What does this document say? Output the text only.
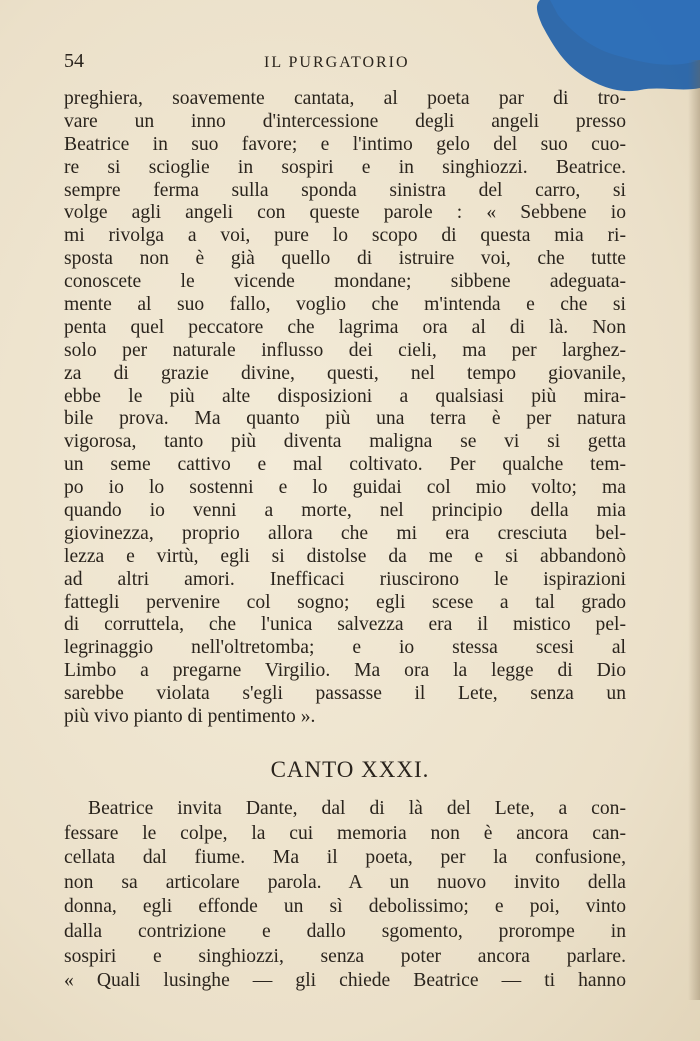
54	IL PURGATORIO
preghiera, soavemente cantata, al poeta par di tro-
vare un inno d'intercessione degli angeli presso
Beatrice in suo favore; e l'intimo gelo del suo cuo-
re si scioglie in sospiri e in singhiozzi. Beatrice.
sempre ferma sulla sponda sinistra del carro, si
volge agli angeli con queste parole : « Sebbene io
mi rivolga a voi, pure lo scopo di questa mia ri-
sposta non è già quello di istruire voi, che tutte
conoscete le vicende mondane; sibbene adeguata-
mente al suo fallo, voglio che m'intenda e che si
penta quel peccatore che lagrima ora al di là. Non
solo per naturale influsso dei cieli, ma per larghez-
za di grazie divine, questi, nel tempo giovanile,
ebbe le più alte disposizioni a qualsiasi più mira-
bile prova. Ma quanto più una terra è per natura
vigorosa, tanto più diventa maligna se vi si getta
un seme cattivo e mal coltivato. Per qualche tem-
po io lo sostenni e lo guidai col mio volto; ma
quando io venni a morte, nel principio della mia
giovinezza, proprio allora che mi era cresciuta bel-
lezza e virtù, egli si distolse da me e si abbandonò
ad altri amori. Inefficaci riuscirono le ispirazioni
fattegli pervenire col sogno; egli scese a tal grado
di corruttela, che l'unica salvezza era il mistico pel-
legrinaggio nell'oltretomba; e io stessa scesi al
Limbo a pregarne Virgilio. Ma ora la legge di Dio
sarebbe violata s'egli passasse il Lete, senza un
più vivo pianto di pentimento ».
CANTO XXXI.
Beatrice invita Dante, dal di là del Lete, a con-
fessare le colpe, la cui memoria non è ancora can-
cellata dal fiume. Ma il poeta, per la confusione,
non sa articolare parola. A un nuovo invito della
donna, egli effonde un sì debolissimo; e poi, vinto
dalla contrizione e dallo sgomento, prorompe in
sospiri e singhiozzi, senza poter ancora parlare.
« Quali lusinghe — gli chiede Beatrice — ti hanno
